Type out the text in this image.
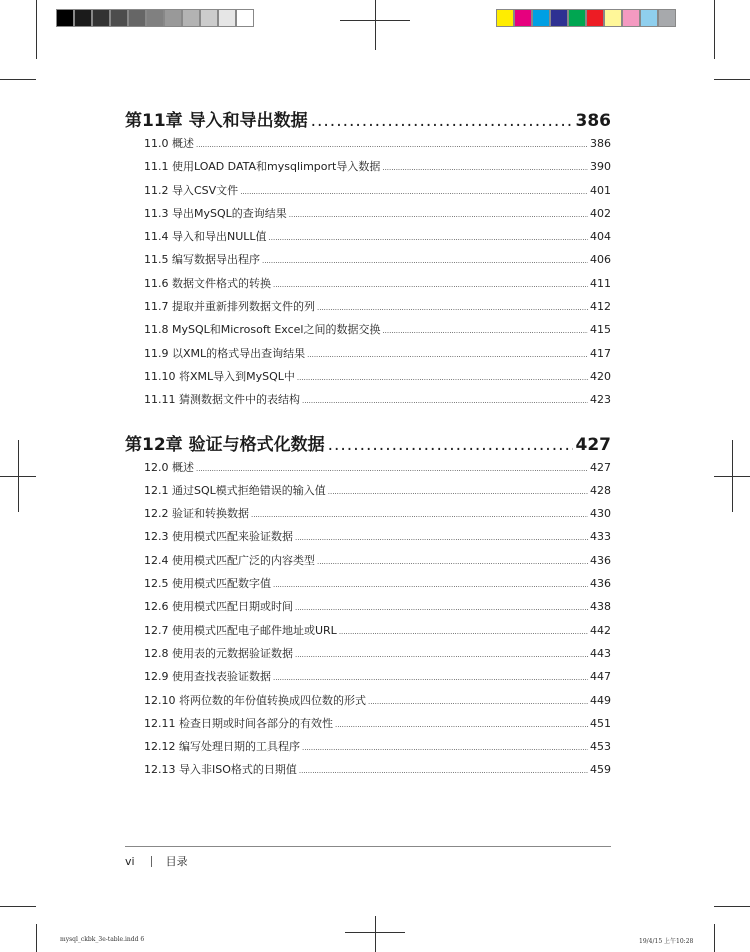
第11章 导入和导出数据 .....	386
11.0 概述 .....	386
11.1 使用LOAD DATA和mysqlimport导入数据 .....	390
11.2 导入CSV文件 .....	401
11.3 导出MySQL的查询结果 .....	402
11.4 导入和导出NULL值 .....	404
11.5 编写数据导出程序 .....	406
11.6 数据文件格式的转换 .....	411
11.7 提取并重新排列数据文件的列 .....	412
11.8 MySQL和Microsoft Excel之间的数据交换 .....	415
11.9 以XML的格式导出查询结果 .....	417
11.10 将XML导入到MySQL中 .....	420
11.11 猜测数据文件中的表结构 .....	423
第12章 验证与格式化数据 .....	427
12.0 概述 .....	427
12.1 通过SQL模式拒绝错误的输入值 .....	428
12.2 验证和转换数据 .....	430
12.3 使用模式匹配来验证数据 .....	433
12.4 使用模式匹配广泛的内容类型 .....	436
12.5 使用模式匹配数字值 .....	436
12.6 使用模式匹配日期或时间 .....	438
12.7 使用模式匹配电子邮件地址或URL .....	442
12.8 使用表的元数据验证数据 .....	443
12.9 使用查找表验证数据 .....	447
12.10 将两位数的年份值转换成四位数的形式 .....	449
12.11 检查日期或时间各部分的有效性 .....	451
12.12 编写处理日期的工具程序 .....	453
12.13 导入非ISO格式的日期值 .....	459
vi	目录
mysql_ckbk_3e-table.indd 6	19/4/15 上午10:28
